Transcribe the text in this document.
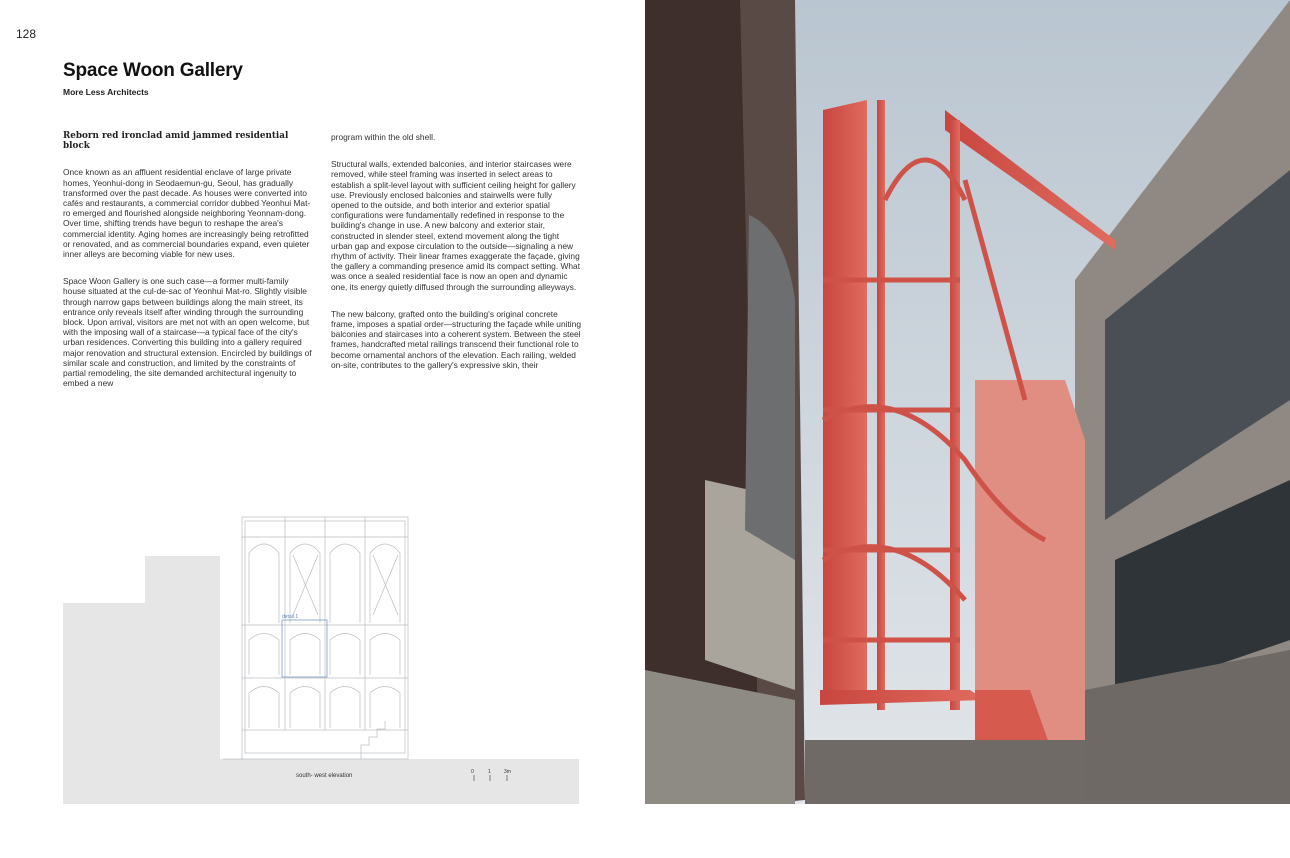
128
Space Woon Gallery
More Less Architects
Reborn red ironclad amid jammed residential block

Once known as an affluent residential enclave of large private homes, Yeonhui-dong in Seodaemun-gu, Seoul, has gradually transformed over the past decade. As houses were converted into cafés and restaurants, a commercial corridor dubbed Yeonhui Mat-ro emerged and flourished alongside neighboring Yeonnam-dong. Over time, shifting trends have begun to reshape the area's commercial identity. Aging homes are increasingly being retrofitted or renovated, and as commercial boundaries expand, even quieter inner alleys are becoming viable for new uses.

Space Woon Gallery is one such case—a former multi-family house situated at the cul-de-sac of Yeonhui Mat-ro. Slightly visible through narrow gaps between buildings along the main street, its entrance only reveals itself after winding through the surrounding block. Upon arrival, visitors are met not with an open welcome, but with the imposing wall of a staircase—a typical face of the city's urban residences. Converting this building into a gallery required major renovation and structural extension. Encircled by buildings of similar scale and construction, and limited by the constraints of partial remodeling, the site demanded architectural ingenuity to embed a new

program within the old shell.

Structural walls, extended balconies, and interior staircases were removed, while steel framing was inserted in select areas to establish a split-level layout with sufficient ceiling height for gallery use. Previously enclosed balconies and stairwells were fully opened to the outside, and both interior and exterior spatial configurations were fundamentally redefined in response to the building's change in use. A new balcony and exterior stair, constructed in slender steel, extend movement along the tight urban gap and expose circulation to the outside—signaling a new rhythm of activity. Their linear frames exaggerate the façade, giving the gallery a commanding presence amid its compact setting. What was once a sealed residential face is now an open and dynamic one, its energy quietly diffused through the surrounding alleyways.

The new balcony, grafted onto the building's original concrete frame, imposes a spatial order—structuring the façade while uniting balconies and staircases into a coherent system. Between the steel frames, handcrafted metal railings transcend their functional role to become ornamental anchors of the elevation. Each railing, welded on-site, contributes to the gallery's expressive skin, their

detail 1
south- west elevation
0	1	3m
